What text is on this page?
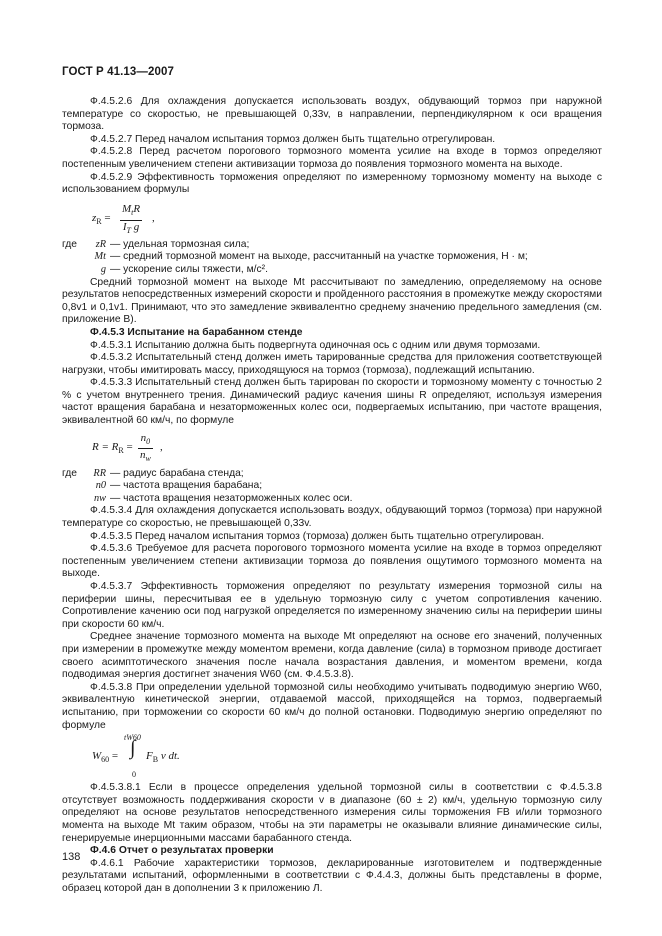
ГОСТ Р 41.13—2007

Ф.4.5.2.6 Для охлаждения допускается использовать воздух, обдувающий тормоз при наружной температуре со скоростью, не превышающей 0,33v, в направлении, перпендикулярном к оси вращения тормоза.

Ф.4.5.2.7 Перед началом испытания тормоз должен быть тщательно отрегулирован.

Ф.4.5.2.8 Перед расчетом порогового тормозного момента усилие на входе в тормоз определяют постепенным увеличением степени активизации тормоза до появления тормозного момента на выходе.

Ф.4.5.2.9 Эффективность торможения определяют по измеренному тормозному моменту на выходе с использованием формулы

$z_R$ =
$M_tR$
$I_T$ g
,
где	zR — удельная тормозная сила;
Mt — средний тормозной момент на выходе, рассчитанный на участке торможения, Н · м;
g — ускорение силы тяжести, м/с².

Средний тормозной момент на выходе Mt рассчитывают по замедлению, определяемому на основе результатов непосредственных измерений скорости и пройденного расстояния в промежутке между скоростями 0,8v1 и 0,1v1. Принимают, что это замедление эквивалентно среднему значению предельного замедления (см. приложение В).

Ф.4.5.3 Испытание на барабанном стенде

Ф.4.5.3.1 Испытанию должна быть подвергнута одиночная ось с одним или двумя тормозами.

Ф.4.5.3.2 Испытательный стенд должен иметь тарированные средства для приложения соответствующей нагрузки, чтобы имитировать массу, приходящуюся на тормоз (тормоза), подлежащий испытанию.

Ф.4.5.3.3 Испытательный стенд должен быть тарирован по скорости и тормозному моменту с точностью 2 % с учетом внутреннего трения. Динамический радиус качения шины R определяют, используя измерения частот вращения барабана и незаторможенных колес оси, подвергаемых испытанию, при частоте вращения, эквивалентной 60 км/ч, по формуле

$R = R_R = \frac{n_0}{n_w}$ ,
где	RR — радиус барабана стенда;
n0 — частота вращения барабана;
nw — частота вращения незаторможенных колес оси.

Ф.4.5.3.4 Для охлаждения допускается использовать воздух, обдувающий тормоз (тормоза) при наружной температуре со скоростью, не превышающей 0,33v.

Ф.4.5.3.5 Перед началом испытания тормоз (тормоза) должен быть тщательно отрегулирован.

Ф.4.5.3.6 Требуемое для расчета порогового тормозного момента усилие на входе в тормоз определяют постепенным увеличением степени активизации тормоза до появления ощутимого тормозного момента на выходе.

Ф.4.5.3.7 Эффективность торможения определяют по результату измерения тормозной силы на периферии шины, пересчитывая ее в удельную тормозную силу с учетом сопротивления качению. Сопротивление качению оси под нагрузкой определяется по измеренному значению силы на периферии шины при скорости 60 км/ч.

Среднее значение тормозного момента на выходе Mt определяют на основе его значений, полученных при измерении в промежутке между моментом времени, когда давление (сила) в тормозном приводе достигает своего асимптотического значения после начала возрастания давления, и моментом времени, когда подводимая энергия достигнет значения W60 (см. Ф.4.5.3.8).

Ф.4.5.3.8 При определении удельной тормозной силы необходимо учитывать подводимую энергию W60, эквивалентную кинетической энергии, отдаваемой массой, приходящейся на тормоз, подвергаемый испытанию, при торможении со скорости 60 км/ч до полной остановки. Подводимую энергию определяют по формуле

$W_{60}$ =
tW60
∫
0
$F_B$ v dt.

Ф.4.5.3.8.1 Если в процессе определения удельной тормозной силы в соответствии с Ф.4.5.3.8 отсутствует возможность поддерживания скорости v в диапазоне (60 ± 2) км/ч, удельную тормозную силу определяют на основе результатов непосредственного измерения силы торможения FB и/или тормозного момента на выходе Mt таким образом, чтобы на эти параметры не оказывали влияние динамические силы, генерируемые инерционными массами барабанного стенда.

Ф.4.6 Отчет о результатах проверки

Ф.4.6.1 Рабочие характеристики тормозов, декларированные изготовителем и подтвержденные результатами испытаний, оформленными в соответствии с Ф.4.4.3, должны быть представлены в форме, образец которой дан в дополнении 3 к приложению Л.

138
